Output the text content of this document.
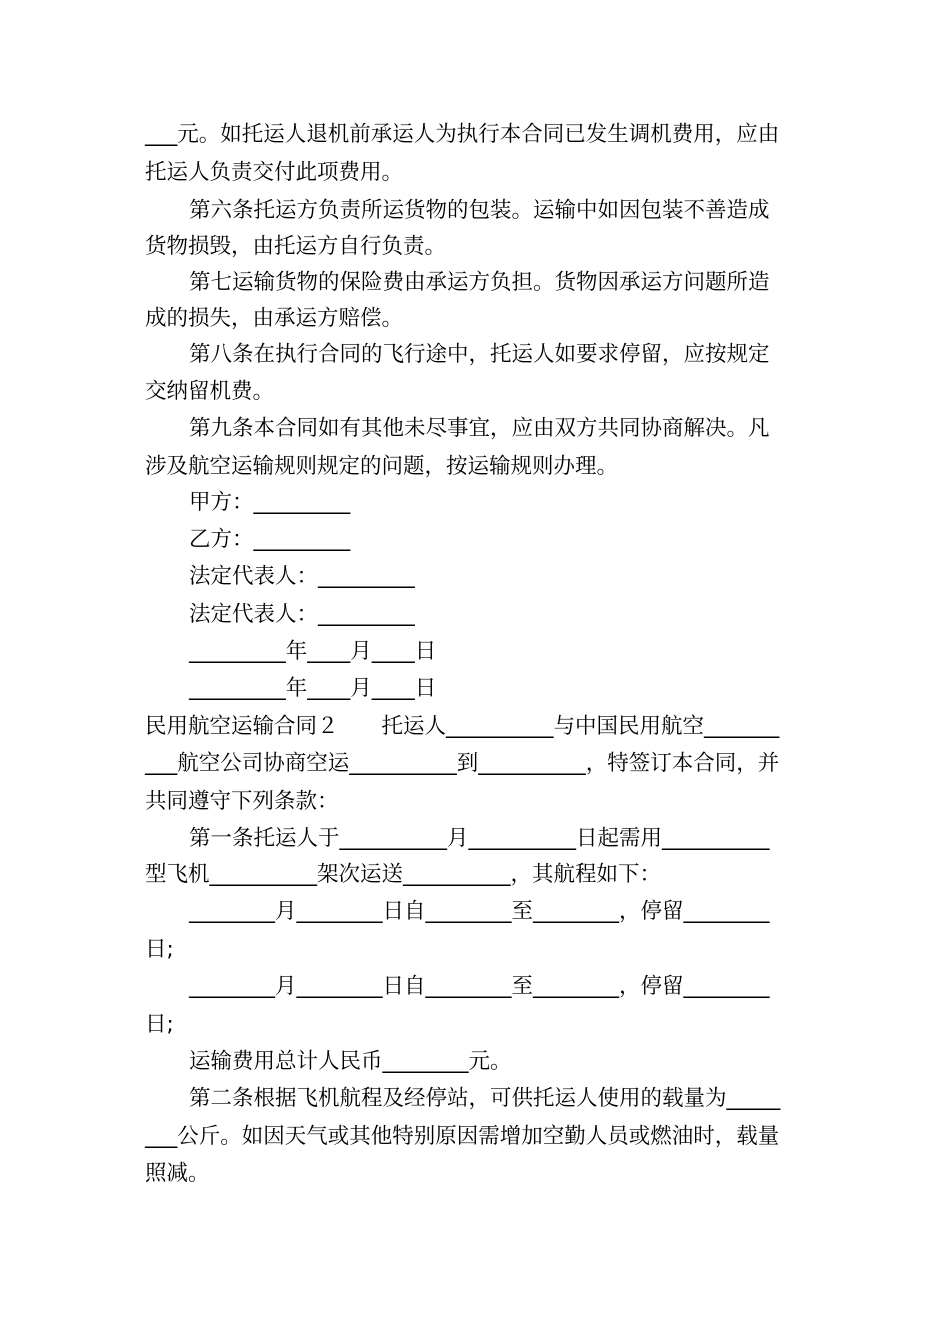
___元。如托运人退机前承运人为执行本合同已发生调机费用，应由
托运人负责交付此项费用。
第六条托运方负责所运货物的包装。运输中如因包装不善造成
货物损毁，由托运方自行负责。
第七运输货物的保险费由承运方负担。货物因承运方问题所造
成的损失，由承运方赔偿。
第八条在执行合同的飞行途中，托运人如要求停留，应按规定
交纳留机费。
第九条本合同如有其他未尽事宜，应由双方共同协商解决。凡
涉及航空运输规则规定的问题，按运输规则办理。
甲方：_________
乙方：_________
法定代表人：_________
法定代表人：_________
_________年____月____日
_________年____月____日
民用航空运输合同２　　托运人__________与中国民用航空_______
___航空公司协商空运__________到__________，特签订本合同，并
共同遵守下列条款：
第一条托运人于__________月__________日起需用__________
型飞机__________架次运送__________，其航程如下：
________月________日自________至________，停留________
日;
________月________日自________至________，停留________
日;
运输费用总计人民币________元。
第二条根据飞机航程及经停站，可供托运人使用的载量为_____
___公斤。如因天气或其他特别原因需增加空勤人员或燃油时，载量
照减。
